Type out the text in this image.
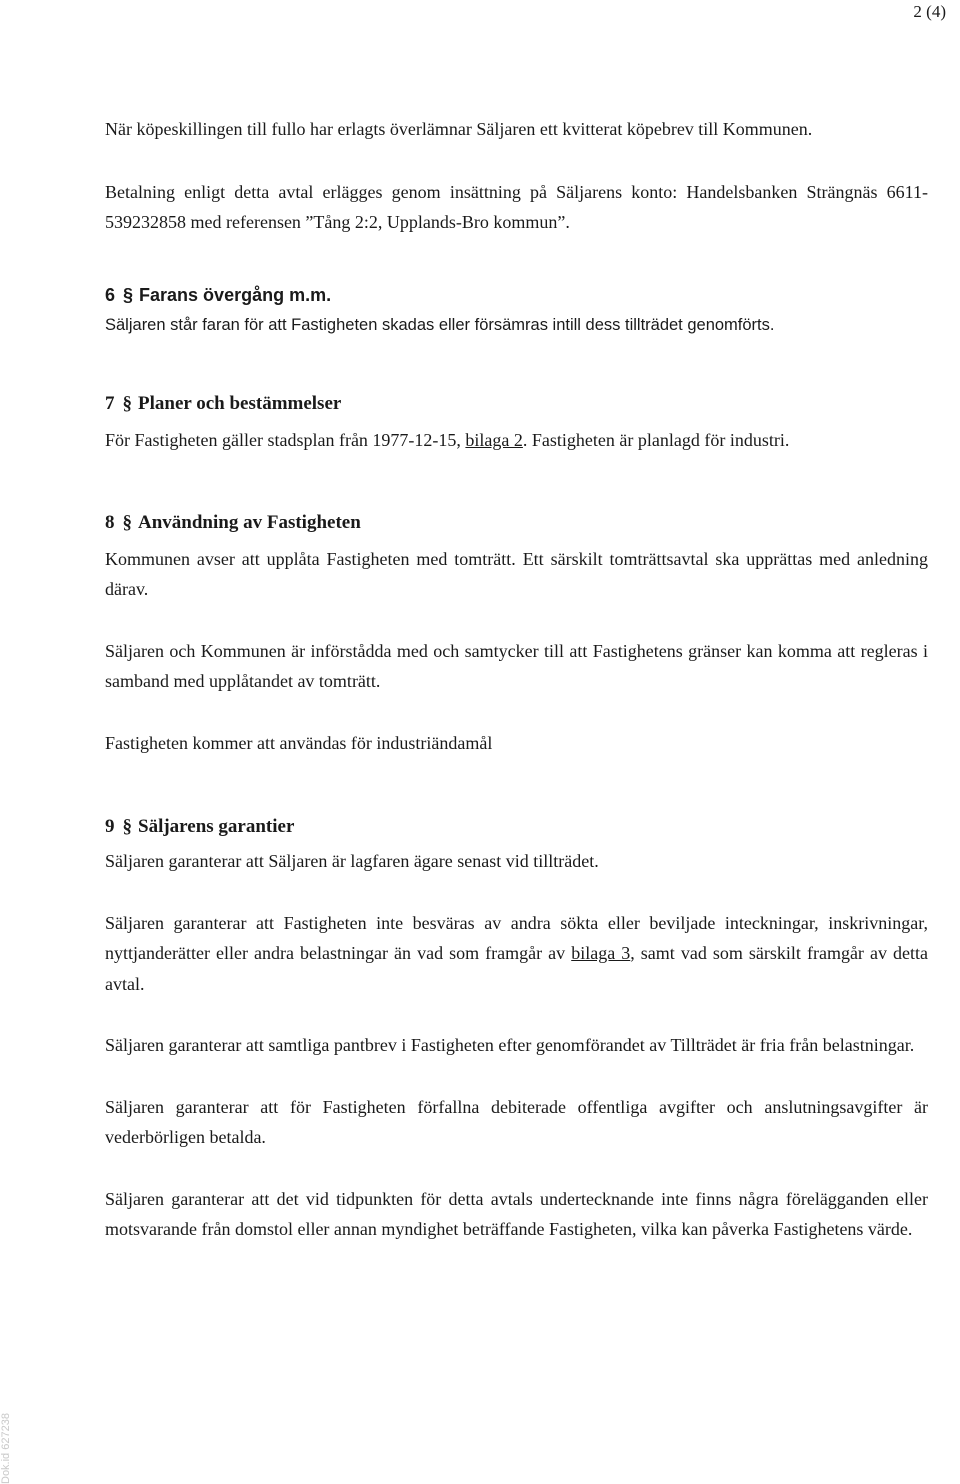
2 (4)

När köpeskillingen till fullo har erlagts överlämnar Säljaren ett kvitterat köpebrev till Kommunen.

Betalning enligt detta avtal erlägges genom insättning på Säljarens konto: Handelsbanken Strängnäs 6611-539232858 med referensen ”Tång 2:2, Upplands-Bro kommun”.

6 § Farans övergång m.m.

Säljaren står faran för att Fastigheten skadas eller försämras intill dess tillträdet genomförts.

7 § Planer och bestämmelser

För Fastigheten gäller stadsplan från 1977-12-15, bilaga 2. Fastigheten är planlagd för industri.

8 § Användning av Fastigheten

Kommunen avser att upplåta Fastigheten med tomträtt. Ett särskilt tomträttsavtal ska upprättas med anledning därav.

Säljaren och Kommunen är införstådda med och samtycker till att Fastighetens gränser kan komma att regleras i samband med upplåtandet av tomträtt.

Fastigheten kommer att användas för industriändamål

9 § Säljarens garantier

Säljaren garanterar att Säljaren är lagfaren ägare senast vid tillträdet.

Säljaren garanterar att Fastigheten inte besväras av andra sökta eller beviljade inteckningar, inskrivningar, nyttjanderätter eller andra belastningar än vad som framgår av bilaga 3, samt vad som särskilt framgår av detta avtal.

Säljaren garanterar att samtliga pantbrev i Fastigheten efter genomförandet av Tillträdet är fria från belastningar.

Säljaren garanterar att för Fastigheten förfallna debiterade offentliga avgifter och anslutningsavgifter är vederbörligen betalda.

Säljaren garanterar att det vid tidpunkten för detta avtals undertecknande inte finns några förelägganden eller motsvarande från domstol eller annan myndighet beträffande Fastigheten, vilka kan påverka Fastighetens värde.

Dok.id 627238
